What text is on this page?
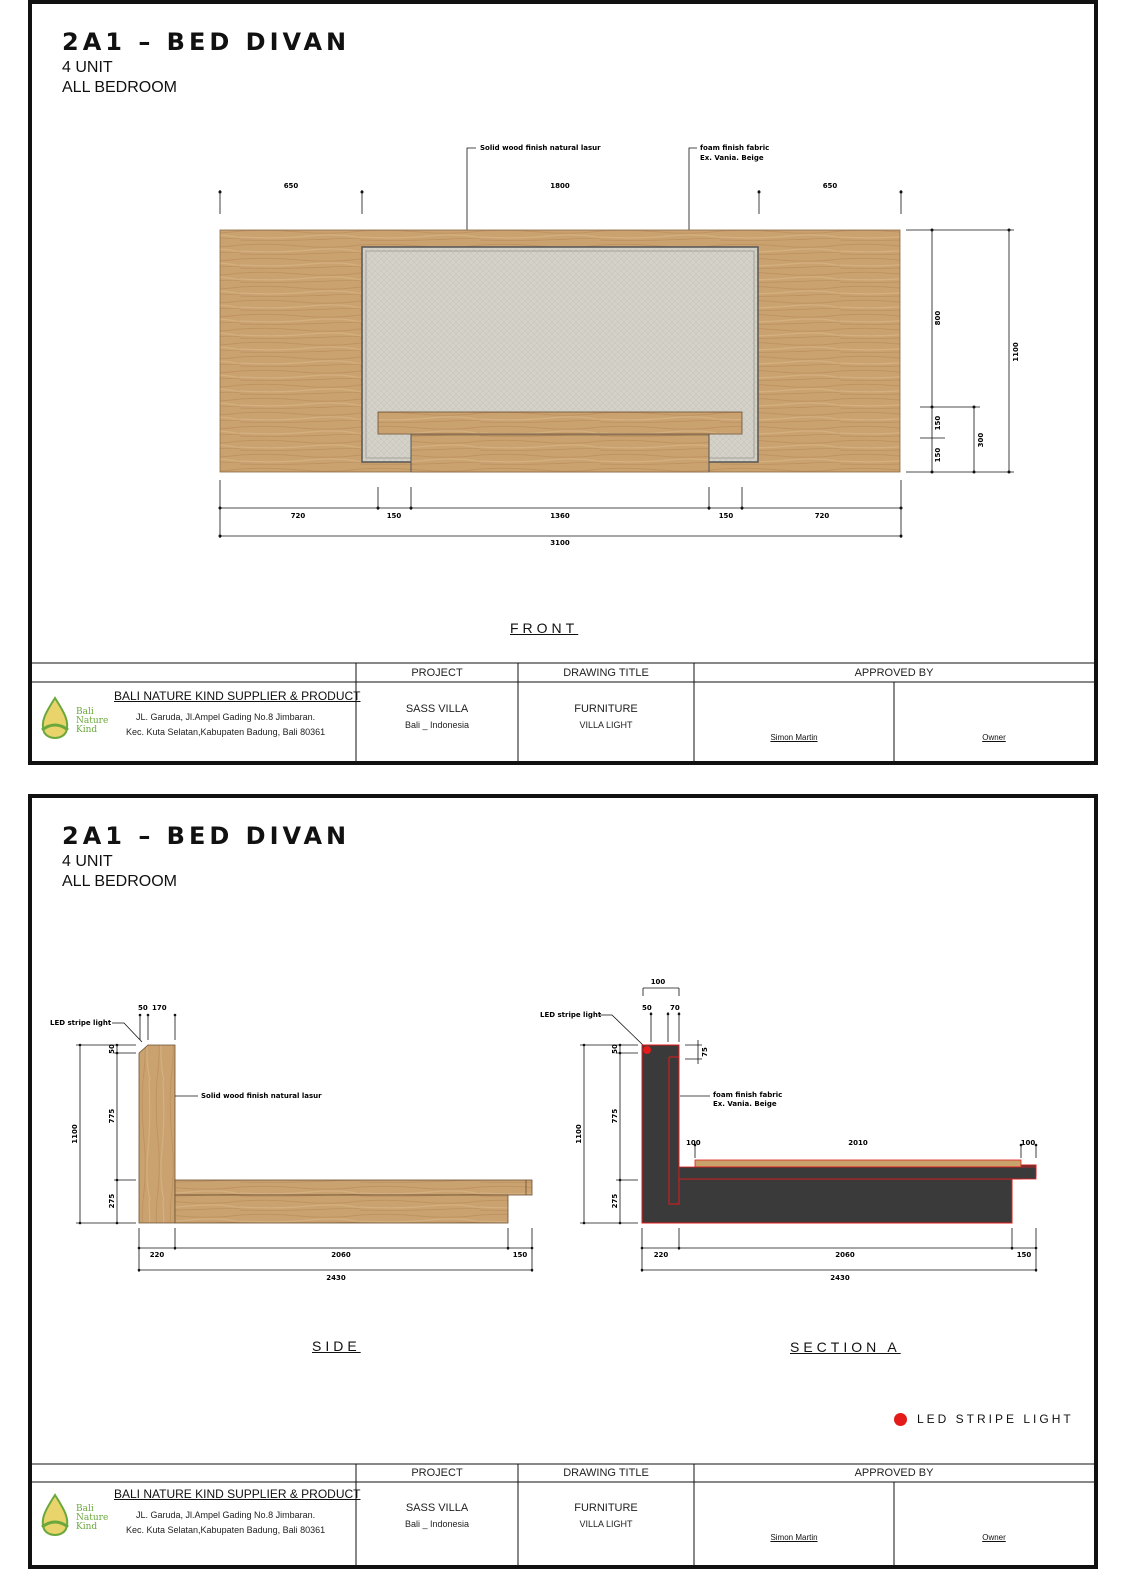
2A1 – BED DIVAN
4 UNIT
ALL BEDROOM
650	1800	650
Solid wood finish natural lasur	foam finish fabric
Ex. Vania. Beige
800
150
150
300
1100
720	150	1360	150	720
3100
FRONT
Bali
Nature
Kind
BALI NATURE KIND SUPPLIER & PRODUCT
JL. Garuda, Jl.Ampel Gading No.8 Jimbaran.
Kec. Kuta Selatan,Kabupaten Badung, Bali 80361
PROJECT
SASS VILLA
Bali _ Indonesia
DRAWING TITLE
FURNITURE
VILLA LIGHT
APPROVED BY
Simon Martin	Owner
2A1 – BED DIVAN
4 UNIT
ALL BEDROOM
LED stripe light
50 170
Solid wood finish natural lasur
1100
50
775
275
220	2060	150
2430
LED stripe light
100
50	70
75
foam finish fabric
Ex. Vania. Beige
1100
50
775
275
100	2010	100
220	2060	150
2430
SIDE	SECTION A
LED STRIPE LIGHT
Bali
Nature
Kind
BALI NATURE KIND SUPPLIER & PRODUCT
JL. Garuda, Jl.Ampel Gading No.8 Jimbaran.
Kec. Kuta Selatan,Kabupaten Badung, Bali 80361
PROJECT
SASS VILLA
Bali _ Indonesia
DRAWING TITLE
FURNITURE
VILLA LIGHT
APPROVED BY
Simon Martin	Owner
